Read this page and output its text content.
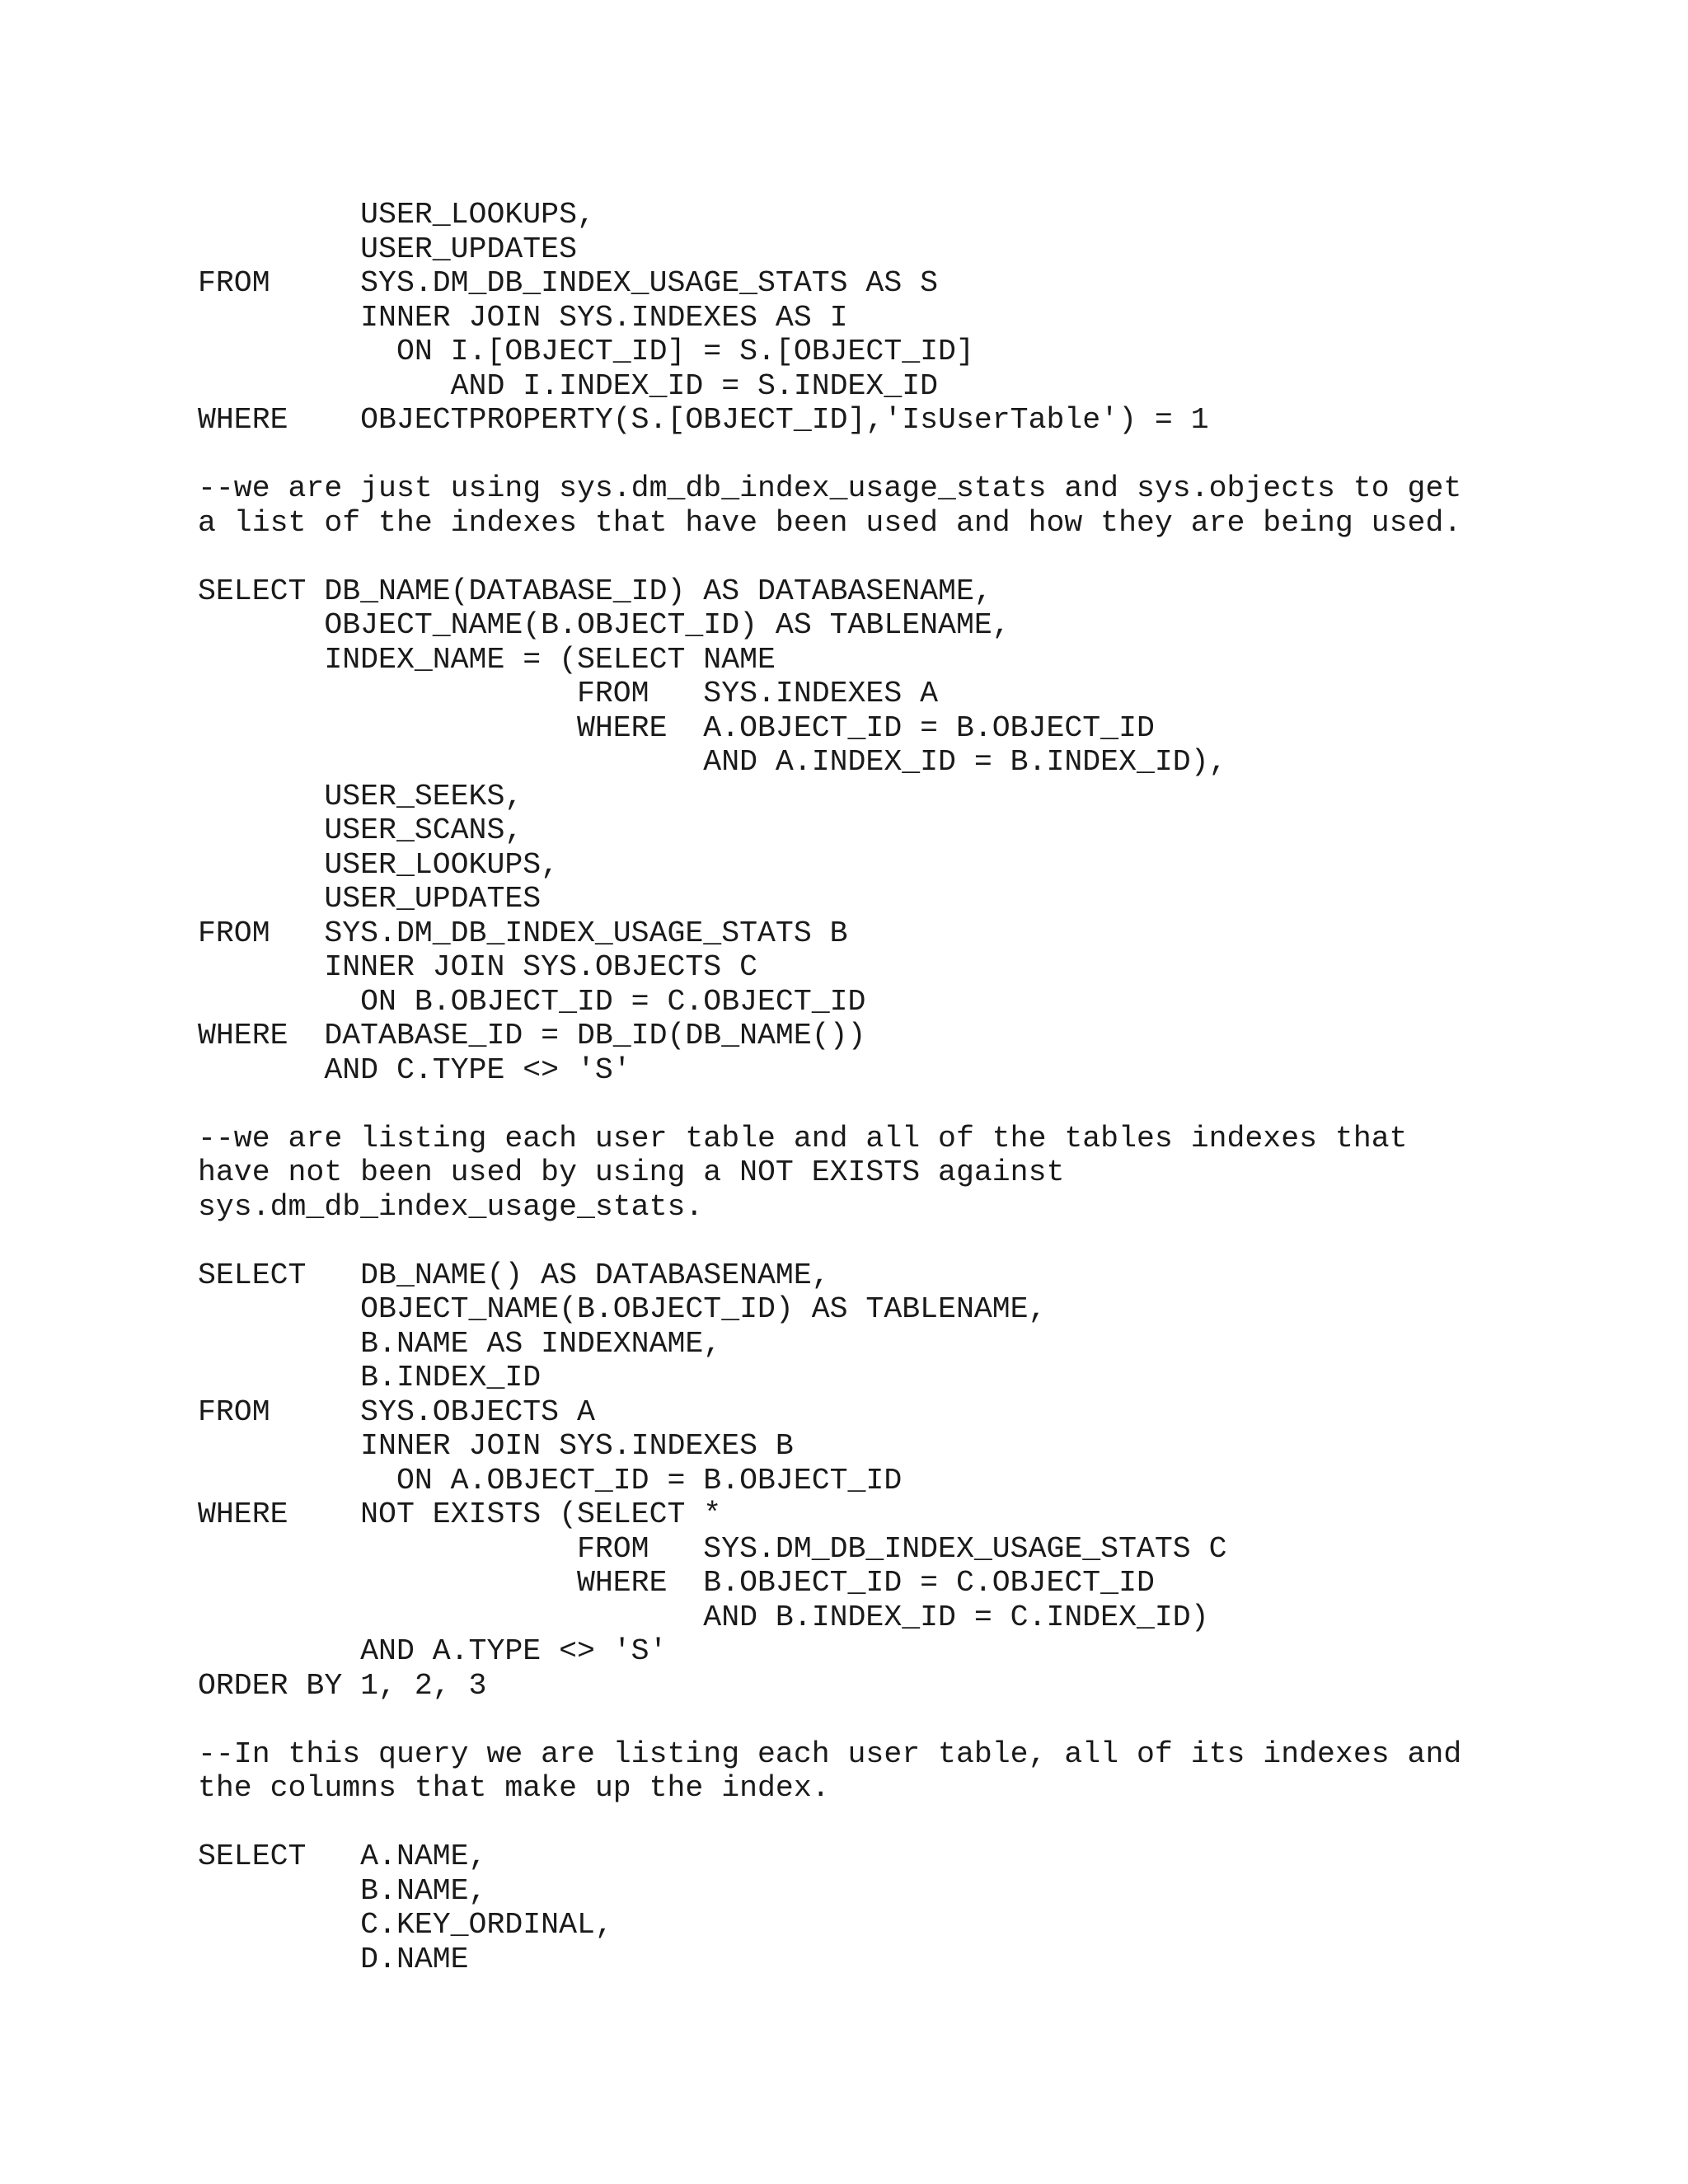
USER_LOOKUPS,
USER_UPDATES
FROM     SYS.DM_DB_INDEX_USAGE_STATS AS S
INNER JOIN SYS.INDEXES AS I
ON I.[OBJECT_ID] = S.[OBJECT_ID]
AND I.INDEX_ID = S.INDEX_ID
WHERE    OBJECTPROPERTY(S.[OBJECT_ID],'IsUserTable') = 1
--we are just using sys.dm_db_index_usage_stats and sys.objects to get
a list of the indexes that have been used and how they are being used.
SELECT DB_NAME(DATABASE_ID) AS DATABASENAME,
OBJECT_NAME(B.OBJECT_ID) AS TABLENAME,
INDEX_NAME = (SELECT NAME
FROM   SYS.INDEXES A
WHERE  A.OBJECT_ID = B.OBJECT_ID
AND A.INDEX_ID = B.INDEX_ID),
USER_SEEKS,
USER_SCANS,
USER_LOOKUPS,
USER_UPDATES
FROM   SYS.DM_DB_INDEX_USAGE_STATS B
INNER JOIN SYS.OBJECTS C
ON B.OBJECT_ID = C.OBJECT_ID
WHERE  DATABASE_ID = DB_ID(DB_NAME())
AND C.TYPE <> 'S'
--we are listing each user table and all of the tables indexes that
have not been used by using a NOT EXISTS against
sys.dm_db_index_usage_stats.
SELECT   DB_NAME() AS DATABASENAME,
OBJECT_NAME(B.OBJECT_ID) AS TABLENAME,
B.NAME AS INDEXNAME,
B.INDEX_ID
FROM     SYS.OBJECTS A
INNER JOIN SYS.INDEXES B
ON A.OBJECT_ID = B.OBJECT_ID
WHERE    NOT EXISTS (SELECT *
FROM   SYS.DM_DB_INDEX_USAGE_STATS C
WHERE  B.OBJECT_ID = C.OBJECT_ID
AND B.INDEX_ID = C.INDEX_ID)
AND A.TYPE <> 'S'
ORDER BY 1, 2, 3
--In this query we are listing each user table, all of its indexes and
the columns that make up the index.
SELECT   A.NAME,
B.NAME,
C.KEY_ORDINAL,
D.NAME
